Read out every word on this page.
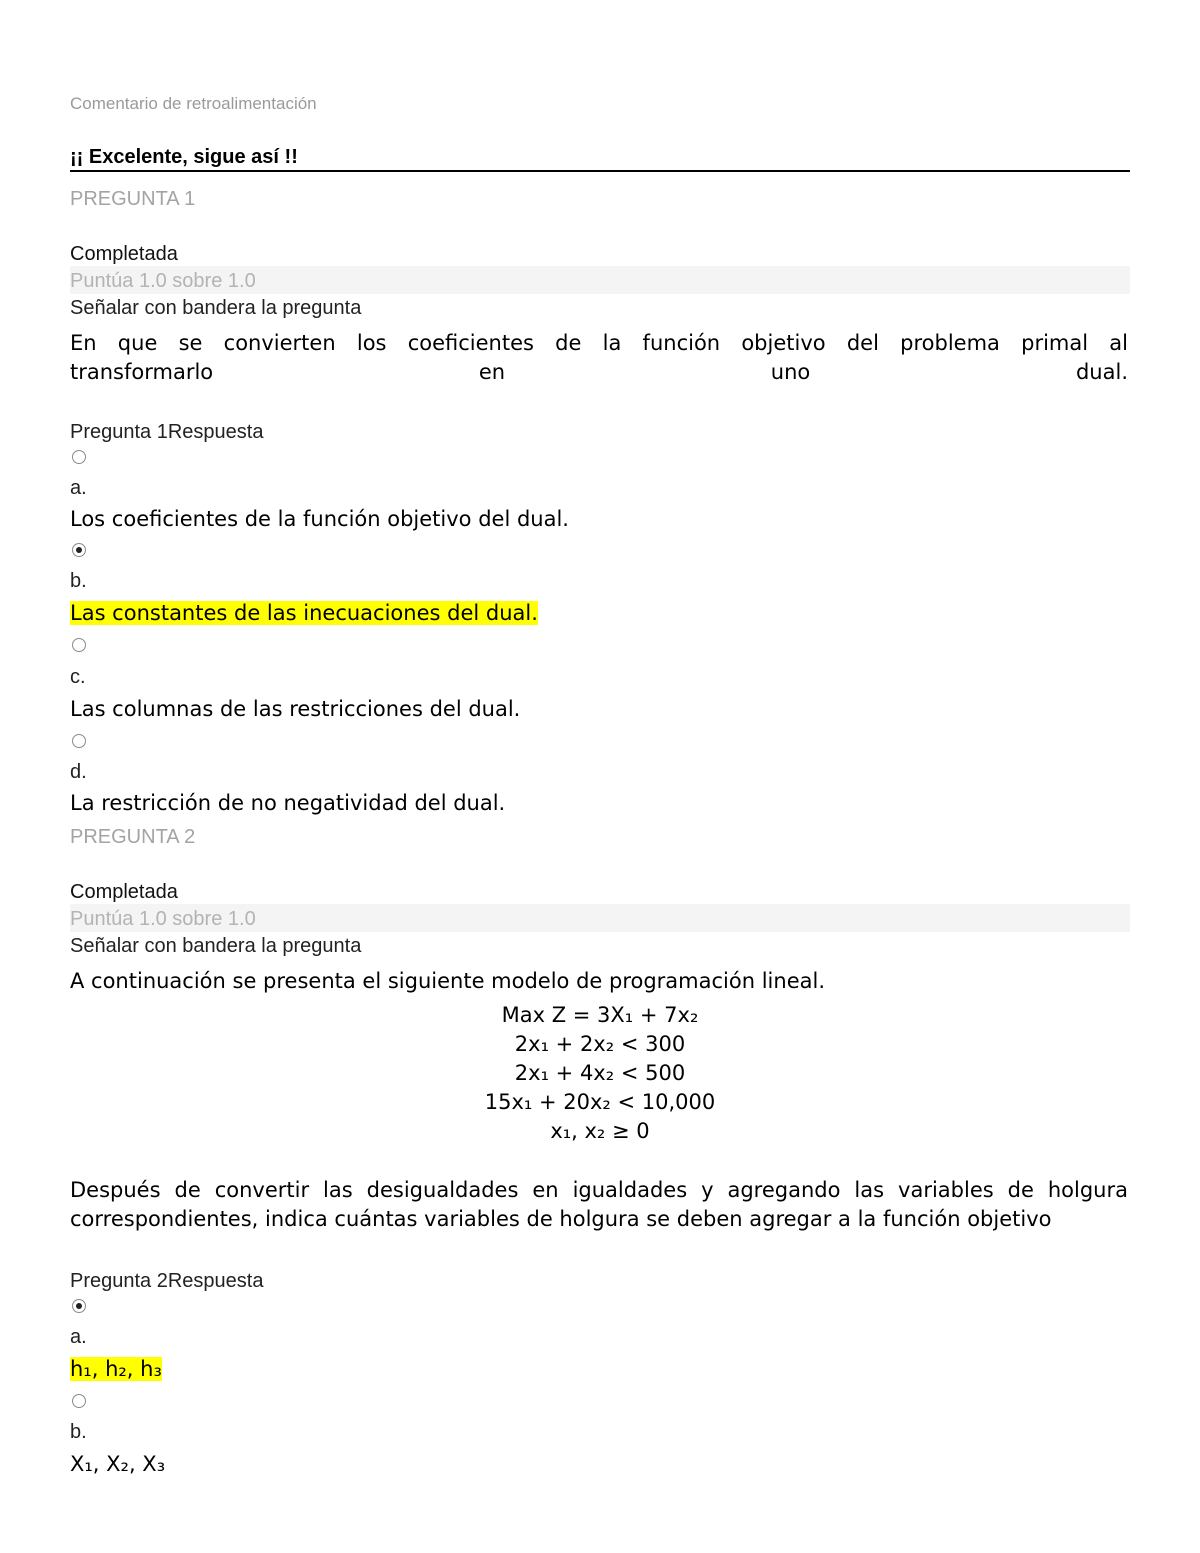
Comentario de retroalimentación
¡¡ Excelente, sigue así !!
PREGUNTA 1
Completada
Puntúa 1.0 sobre 1.0
Señalar con bandera la pregunta
En que se convierten los coeficientes de la función objetivo del problema primal al
transformarlo en uno dual.
Pregunta 1Respuesta
a.
Los coeficientes de la función objetivo del dual.
b.
Las constantes de las inecuaciones del dual.
c.
Las columnas de las restricciones del dual.
d.
La restricción de no negatividad del dual.
PREGUNTA 2
Completada
Puntúa 1.0 sobre 1.0
Señalar con bandera la pregunta
A continuación se presenta el siguiente modelo de programación lineal.
Max Z = 3X₁ + 7x₂
2x₁ + 2x₂ < 300
2x₁ + 4x₂ < 500
15x₁ + 20x₂ < 10,000
x₁, x₂ ≥ 0
Después de convertir las desigualdades en igualdades y agregando las variables de holgura correspondientes, indica cuántas variables de holgura se deben agregar a la función objetivo
Pregunta 2Respuesta
a.
h₁, h₂, h₃
b.
X₁, X₂, X₃
